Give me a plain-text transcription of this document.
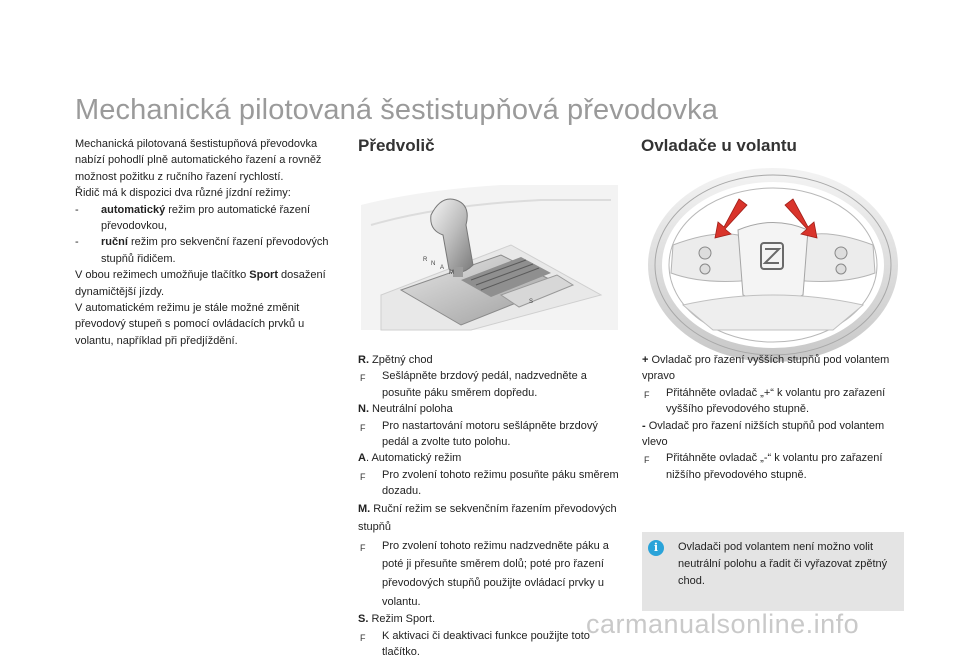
Mechanická pilotovaná šestistupňová převodovka

Mechanická pilotovaná šestistupňová převodovka nabízí pohodlí plně automatického řazení a rovněž možnost požitku z ručního řazení rychlostí.

Řidič má k dispozici dva různé jízdní režimy:

-	automatický režim pro automatické řazení převodovkou,
-	ruční režim pro sekvenční řazení převodových stupňů řidičem.

V obou režimech umožňuje tlačítko Sport dosažení dynamičtější jízdy.

V automatickém režimu je stále možné změnit převodový stupeň s pomocí ovládacích prvků u volantu, například při předjíždění.

Předvolič	Ovladače u volantu
R
N
A
M
S
R. Zpětný chod
F	Sešlápněte brzdový pedál, nadzvedněte a posuňte páku směrem dopředu.
N. Neutrální poloha
F	Pro nastartování motoru sešlápněte brzdový pedál a zvolte tuto polohu.
A. Automatický režim
F	Pro zvolení tohoto režimu posuňte páku směrem dozadu.
M. Ruční režim se sekvenčním řazením převodových stupňů
F	Pro zvolení tohoto režimu nadzvedněte páku a poté ji přesuňte směrem dolů; poté pro řazení převodových stupňů použijte ovládací prvky u volantu.
S. Režim Sport.
F	K aktivaci či deaktivaci funkce použijte toto tlačítko.
+ Ovladač pro řazení vyšších stupňů pod volantem vpravo
F	Přitáhněte ovladač „+“ k volantu pro zařazení vyššího převodového stupně.
- Ovladač pro řazení nižších stupňů pod volantem vlevo
F	Přitáhněte ovladač „-“ k volantu pro zařazení nižšího převodového stupně.
i	Ovladači pod volantem není možno volit neutrální polohu a řadit či vyřazovat zpětný chod.
carmanualsonline.info
